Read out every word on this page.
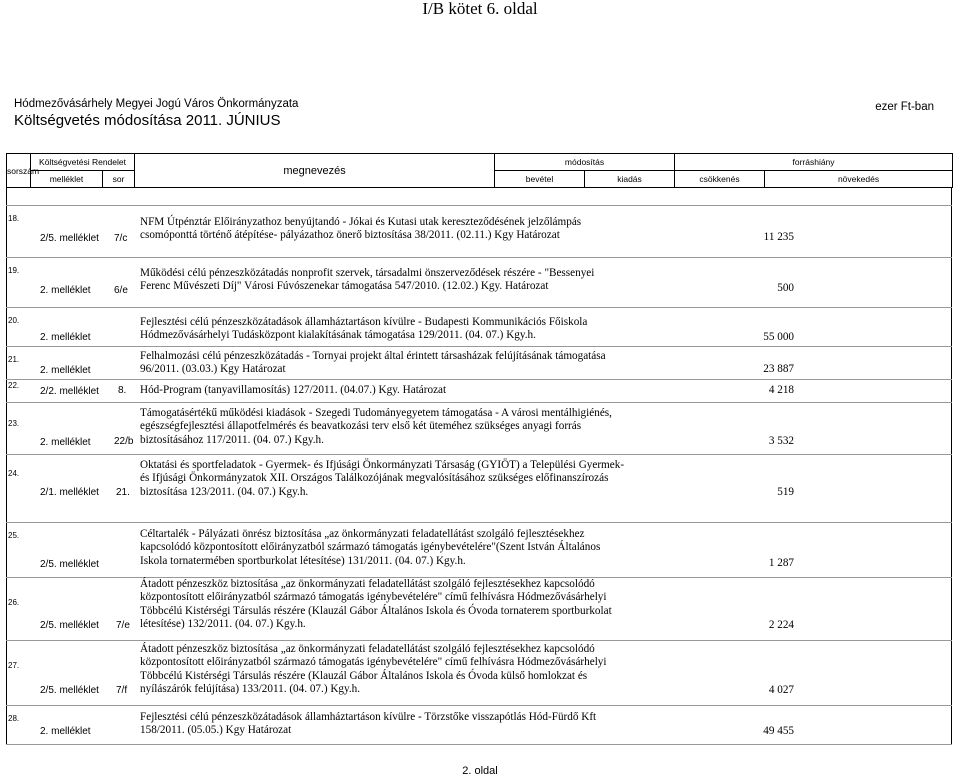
I/B kötet 6. oldal
Hódmezővásárhely Megyei Jogú Város Önkormányzata
Költségvetés módosítása 2011. JÚNIUS
ezer Ft-ban
sorszám	Költségvetési Rendelet		megnevezés	módosítás		forráshiány	
	melléklet	sor		bevétel	kiadás	csökkenés	növekedés
18.
2/5. melléklet 7/c
NFM Útpénztár Előirányzathoz benyújtandó - Jókai és Kutasi utak kereszteződésének jelzőlámpás
csomóponttá történő átépítése- pályázathoz önerő biztosítása 38/2011. (02.11.) Kgy Határozat	11 235
19.
2. melléklet 6/e
Működési célú pénzeszközátadás nonprofit szervek, társadalmi önszerveződések részére - "Bessenyei
Ferenc Művészeti Díj" Városi Fúvószenekar támogatása 547/2010. (12.02.) Kgy. Határozat	500
20.
2. melléklet
Fejlesztési célú pénzeszközátadások államháztartáson kívülre - Budapesti Kommunikációs Főiskola
Hódmezővásárhelyi Tudásközpont kialakításának támogatása 129/2011. (04. 07.) Kgy.h.	55 000
21.
2. melléklet
Felhalmozási célú pénzeszközátadás - Tornyai projekt által érintett társasházak felújításának támogatása
96/2011. (03.03.) Kgy Határozat	23 887
22.
2/2. melléklet 8. Hód-Program (tanyavillamosítás) 127/2011. (04.07.) Kgy. Határozat	4 218
23.
2. melléklet 22/b
Támogatásértékű működési kiadások - Szegedi Tudományegyetem támogatása - A városi mentálhigiénés,
egészségfejlesztési állapotfelmérés és beavatkozási terv első két üteméhez szükséges anyagi forrás
biztosításához 117/2011. (04. 07.) Kgy.h.	3 532
24.
2/1. melléklet 21.
Oktatási és sportfeladatok - Gyermek- és Ifjúsági Önkormányzati Társaság (GYIÖT) a Települési Gyermek-
és Ifjúsági Önkormányzatok XII. Országos Találkozójának megvalósításához szükséges előfinanszírozás
biztosítása 123/2011. (04. 07.) Kgy.h.	519
25.
2/5. melléklet
Céltartalék - Pályázati önrész biztosítása „az önkormányzati feladatellátást szolgáló fejlesztésekhez
kapcsolódó központosított előirányzatból származó támogatás igénybevételére"(Szent István Általános
Iskola tornatermében sportburkolat létesítése) 131/2011. (04. 07.) Kgy.h.	1 287
26.
2/5. melléklet 7/e
Átadott pénzeszköz biztosítása „az önkormányzati feladatellátást szolgáló fejlesztésekhez kapcsolódó
központosított előirányzatból származó támogatás igénybevételére" című felhívásra Hódmezővásárhelyi
Többcélú Kistérségi Társulás részére (Klauzál Gábor Általános Iskola és Óvoda tornaterem sportburkolat
létesítése) 132/2011. (04. 07.) Kgy.h.	2 224
27.
2/5. melléklet 7/f
Átadott pénzeszköz biztosítása „az önkormányzati feladatellátást szolgáló fejlesztésekhez kapcsolódó
központosított előirányzatból származó támogatás igénybevételére" című felhívásra Hódmezővásárhelyi
Többcélú Kistérségi Társulás részére (Klauzál Gábor Általános Iskola és Óvoda külső homlokzat és
nyílászárók felújítása) 133/2011. (04. 07.) Kgy.h.	4 027
28.
2. melléklet
Fejlesztési célú pénzeszközátadások államháztartáson kívülre - Törzstőke visszapótlás Hód-Fürdő Kft
158/2011. (05.05.) Kgy Határozat	49 455
2. oldal
